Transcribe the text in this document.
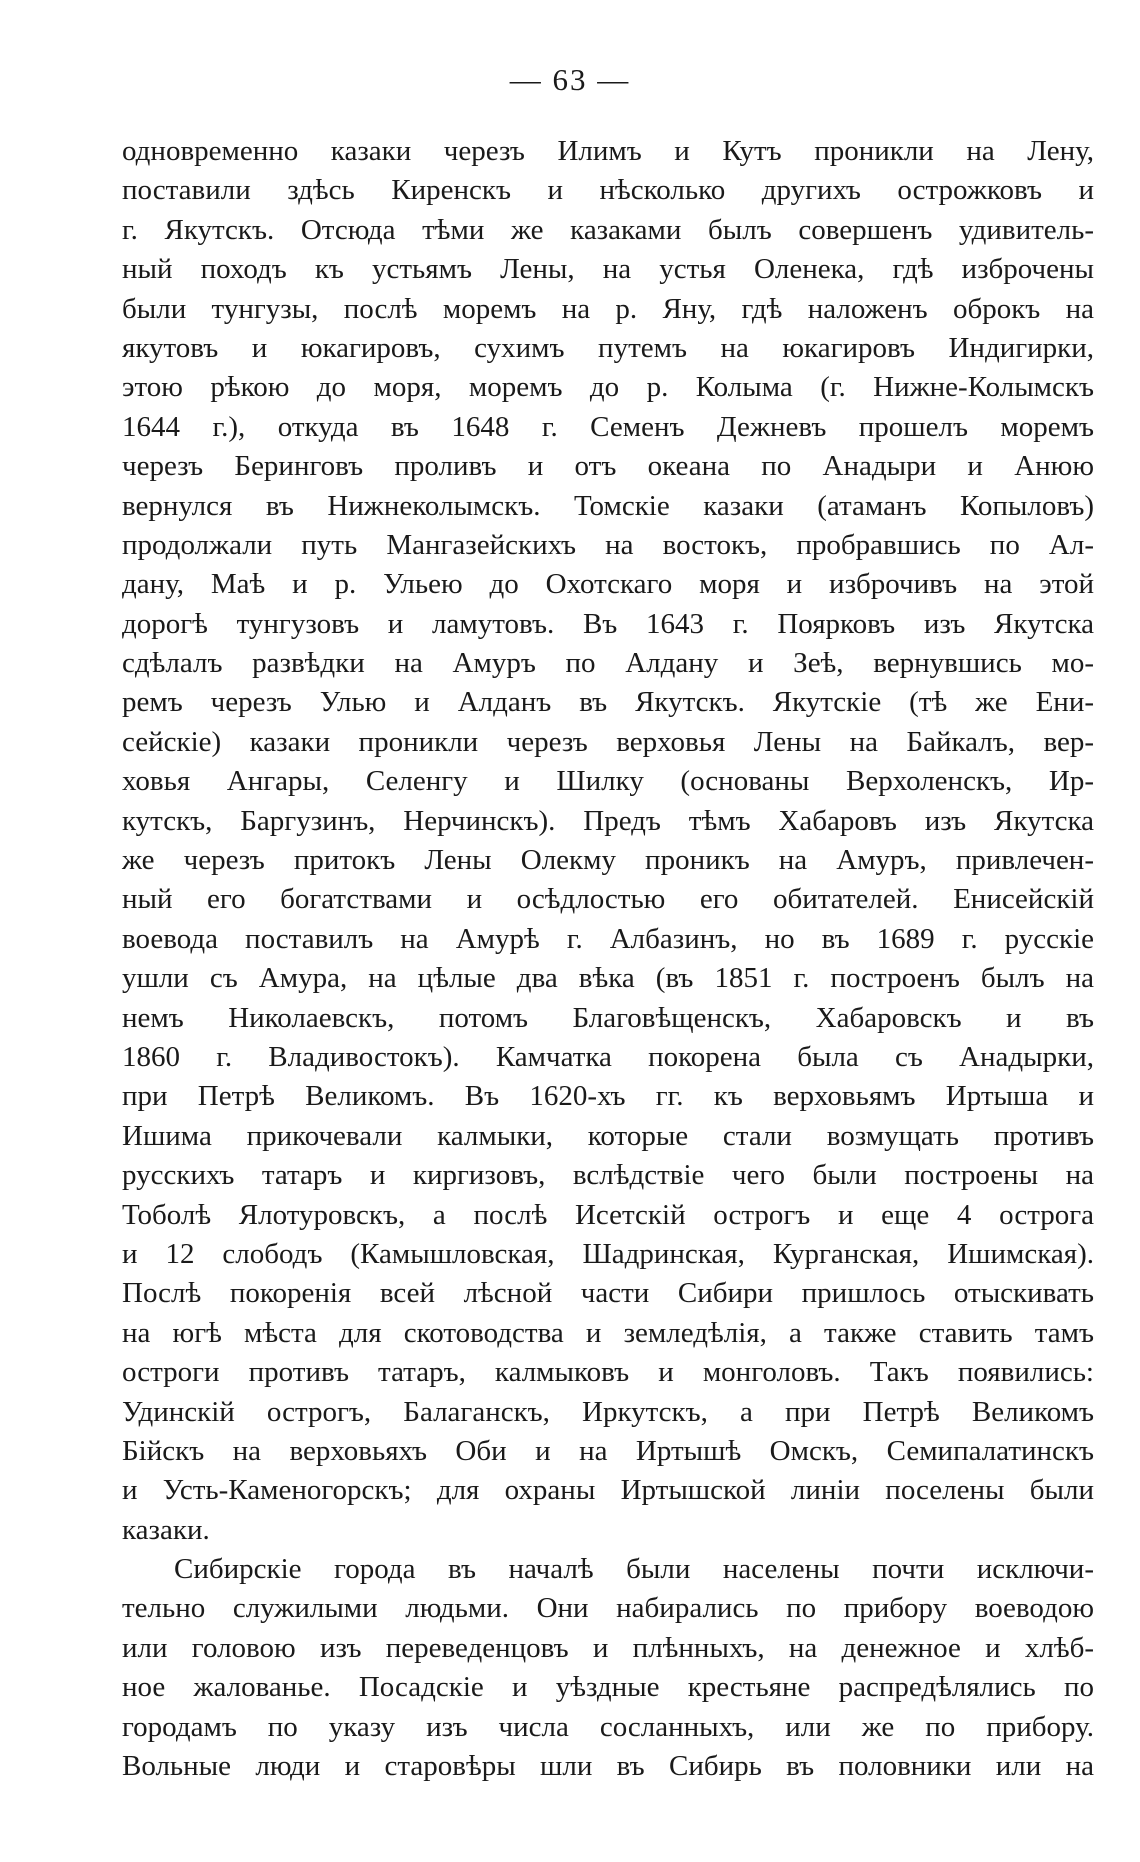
— 63 —
одновременно казаки черезъ Илимъ и Кутъ проникли на Лену,
поставили здѣсь Киренскъ и нѣсколько другихъ острожковъ и
г. Якутскъ. Отсюда тѣми же казаками былъ совершенъ удивитель-
ный походъ къ устьямъ Лены, на устья Оленека, гдѣ изброчены
были тунгузы, послѣ моремъ на р. Яну, гдѣ наложенъ оброкъ на
якутовъ и юкагировъ, сухимъ путемъ на юкагировъ Индигирки,
этою рѣкою до моря, моремъ до р. Колыма (г. Нижне-Колымскъ
1644 г.), откуда въ 1648 г. Семенъ Дежневъ прошелъ моремъ
черезъ Беринговъ проливъ и отъ океана по Анадыри и Анюю
вернулся въ Нижнеколымскъ. Томскіе казаки (атаманъ Копыловъ)
продолжали путь Мангазейскихъ на востокъ, пробравшись по Ал-
дану, Маѣ и р. Ульею до Охотскаго моря и изброчивъ на этой
дорогѣ тунгузовъ и ламутовъ. Въ 1643 г. Поярковъ изъ Якутска
сдѣлалъ развѣдки на Амуръ по Алдану и Зеѣ, вернувшись мо-
ремъ черезъ Улью и Алданъ въ Якутскъ. Якутскіе (тѣ же Ени-
сейскіе) казаки проникли черезъ верховья Лены на Байкалъ, вер-
ховья Ангары, Селенгу и Шилку (основаны Верхоленскъ, Ир-
кутскъ, Баргузинъ, Нерчинскъ). Предъ тѣмъ Хабаровъ изъ Якутска
же черезъ притокъ Лены Олекму проникъ на Амуръ, привлечен-
ный его богатствами и осѣдлостью его обитателей. Енисейскій
воевода поставилъ на Амурѣ г. Албазинъ, но въ 1689 г. русскіе
ушли съ Амура, на цѣлые два вѣка (въ 1851 г. построенъ былъ на
немъ Николаевскъ, потомъ Благовѣщенскъ, Хабаровскъ и въ
1860 г. Владивостокъ). Камчатка покорена была съ Анадырки,
при Петрѣ Великомъ. Въ 1620-хъ гг. къ верховьямъ Иртыша и
Ишима прикочевали калмыки, которые стали возмущать противъ
русскихъ татаръ и киргизовъ, вслѣдствіе чего были построены на
Тоболѣ Ялотуровскъ, а послѣ Исетскій острогъ и еще 4 острога
и 12 слободъ (Камышловская, Шадринская, Курганская, Ишимская).
Послѣ покоренія всей лѣсной части Сибири пришлось отыскивать
на югѣ мѣста для скотоводства и земледѣлія, а также ставить тамъ
остроги противъ татаръ, калмыковъ и монголовъ. Такъ появились:
Удинскій острогъ, Балаганскъ, Иркутскъ, а при Петрѣ Великомъ
Бійскъ на верховьяхъ Оби и на Иртышѣ Омскъ, Семипалатинскъ
и Усть-Каменогорскъ; для охраны Иртышской линіи поселены были
казаки.
Сибирскіе города въ началѣ были населены почти исключи-
тельно служилыми людьми. Они набирались по прибору воеводою
или головою изъ переведенцовъ и плѣнныхъ, на денежное и хлѣб-
ное жалованье. Посадскіе и уѣздные крестьяне распредѣлялись по
городамъ по указу изъ числа сосланныхъ, или же по прибору.
Вольные люди и старовѣры шли въ Сибирь въ половники или на
